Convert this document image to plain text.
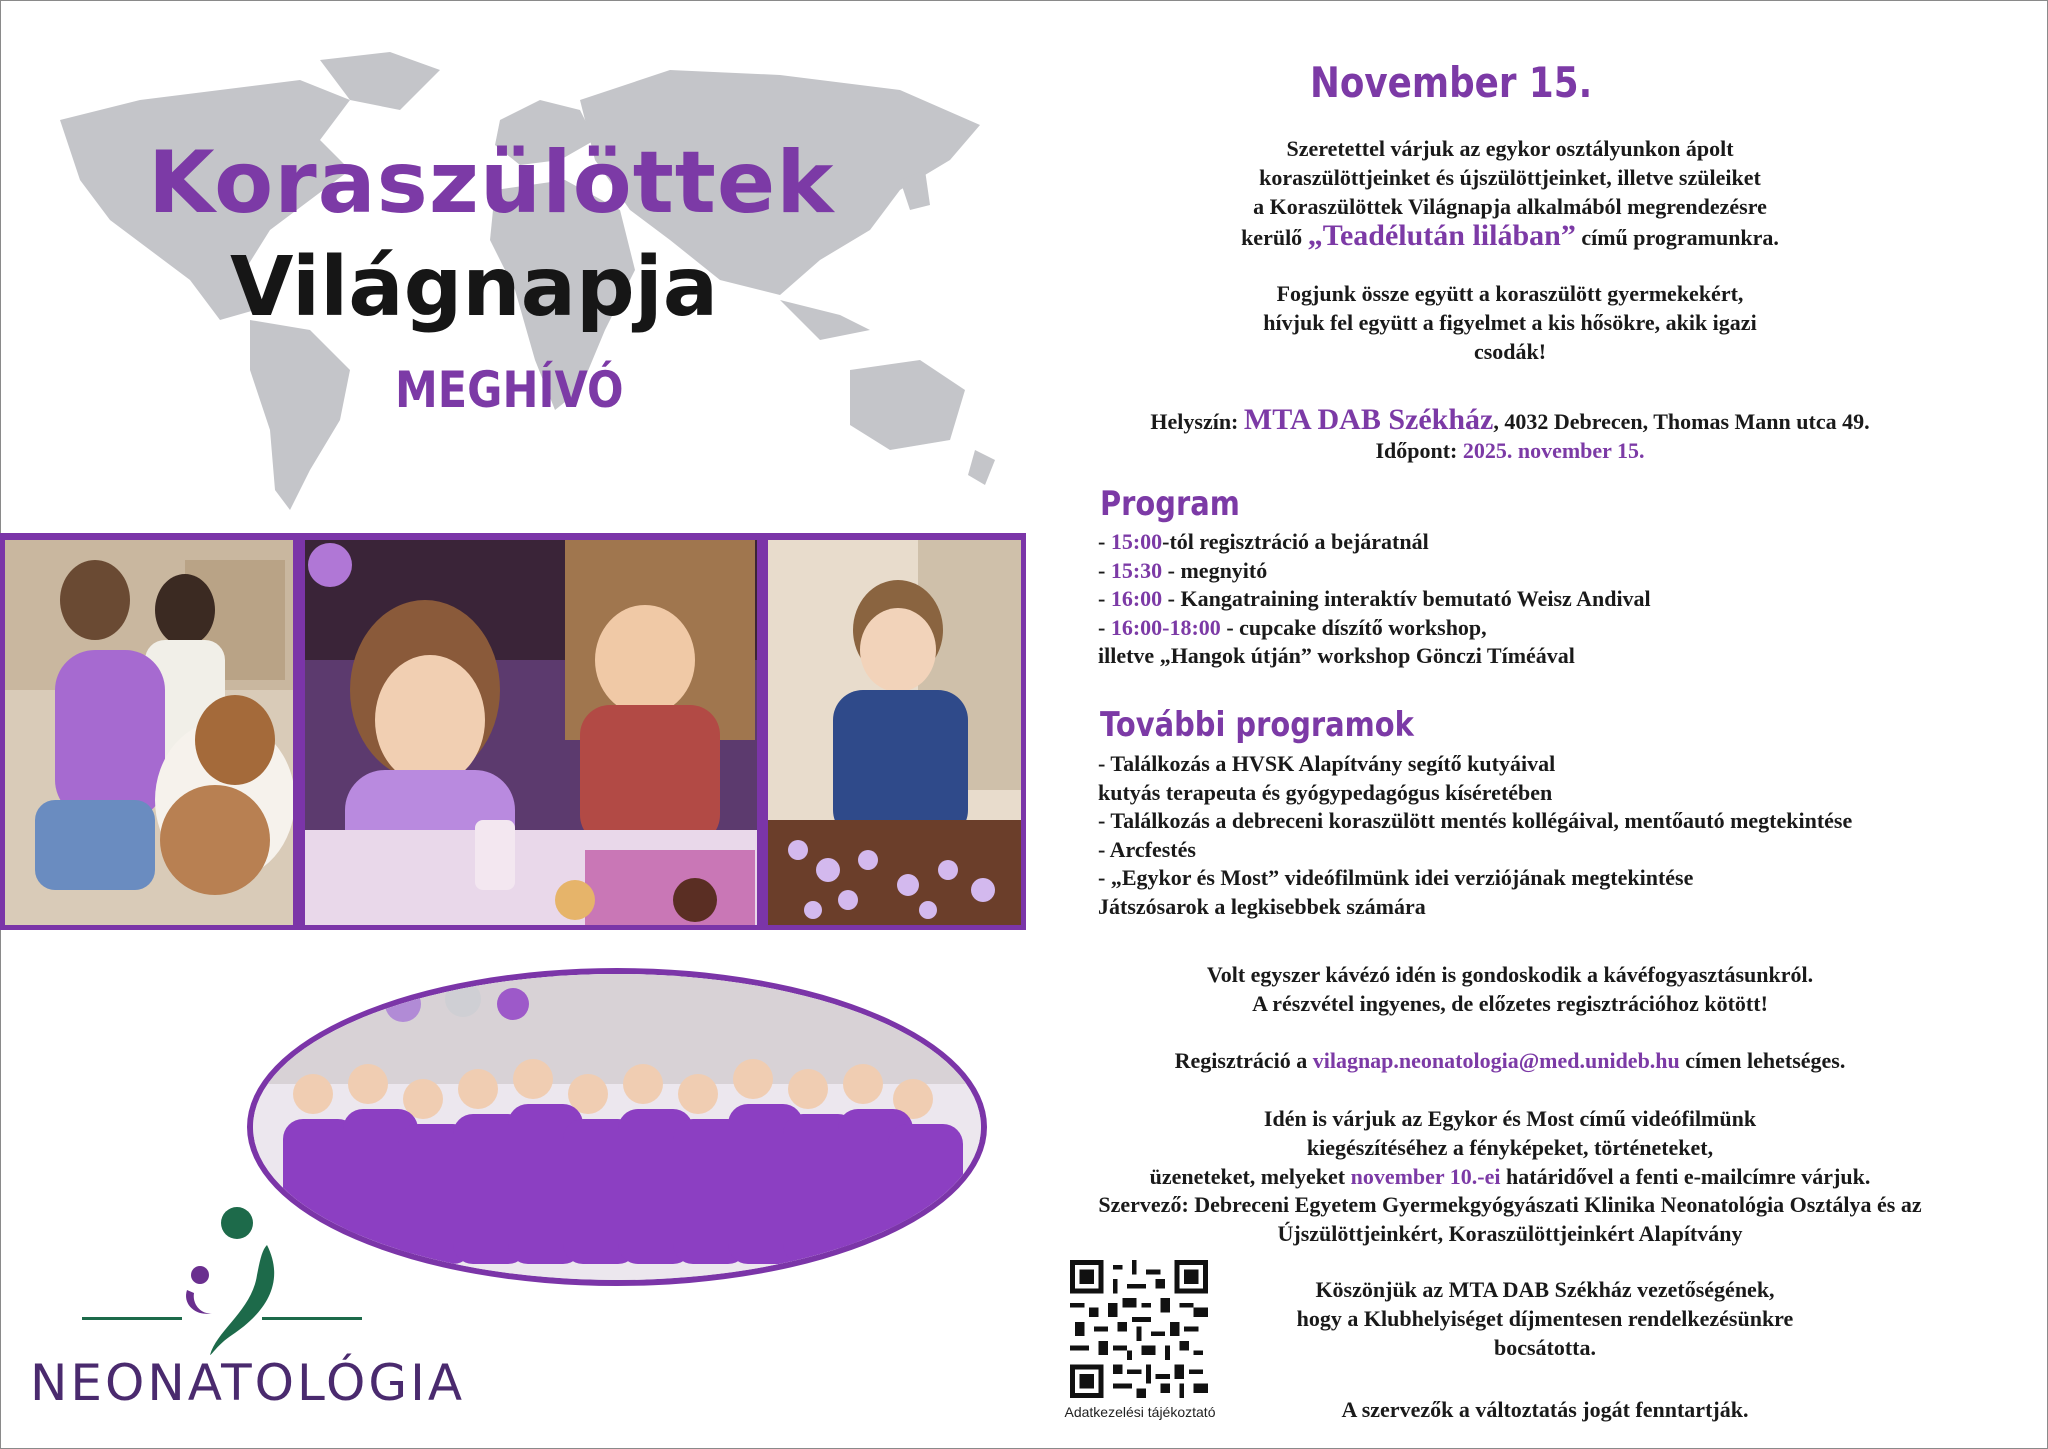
Koraszülöttek
Világnapja
MEGHÍVÓ
NEONATOLÓGIA
November 15.
Szeretettel várjuk az egykor osztályunkon ápolt
koraszülöttjeinket és újszülöttjeinket, illetve szüleiket
a Koraszülöttek Világnapja alkalmából megrendezésre
kerülő „Teadélután lilában” című programunkra.
Fogjunk össze együtt a koraszülött gyermekekért,
hívjuk fel együtt a figyelmet a kis hősökre, akik igazi
csodák!
Helyszín: MTA DAB Székház, 4032 Debrecen, Thomas Mann utca 49.
Időpont: 2025. november 15.
Program
- 15:00-tól regisztráció a bejáratnál
- 15:30 - megnyitó
- 16:00 - Kangatraining interaktív bemutató Weisz Andival
- 16:00-18:00 - cupcake díszítő workshop,
illetve „Hangok útján” workshop Gönczi Tíméával
További programok
- Találkozás a HVSK Alapítvány segítő kutyáival
kutyás terapeuta és gyógypedagógus kíséretében
- Találkozás a debreceni koraszülött mentés kollégáival, mentőautó megtekintése
- Arcfestés
- „Egykor és Most” videófilmünk idei verziójának megtekintése
Játszósarok a legkisebbek számára
Volt egyszer kávézó idén is gondoskodik a kávéfogyasztásunkról.
A részvétel ingyenes, de előzetes regisztrációhoz kötött!
Regisztráció a vilagnap.neonatologia@med.unideb.hu címen lehetséges.
Idén is várjuk az Egykor és Most című videófilmünk
kiegészítéséhez a fényképeket, történeteket,
üzeneteket, melyeket november 10.-ei határidővel a fenti e-mailcímre várjuk.
Szervező: Debreceni Egyetem Gyermekgyógyászati Klinika Neonatológia Osztálya és az
Újszülöttjeinkért, Koraszülöttjeinkért Alapítvány
Adatkezelési tájékoztató
Köszönjük az MTA DAB Székház vezetőségének,
hogy a Klubhelyiséget díjmentesen rendelkezésünkre
bocsátotta.
A szervezők a változtatás jogát fenntartják.
